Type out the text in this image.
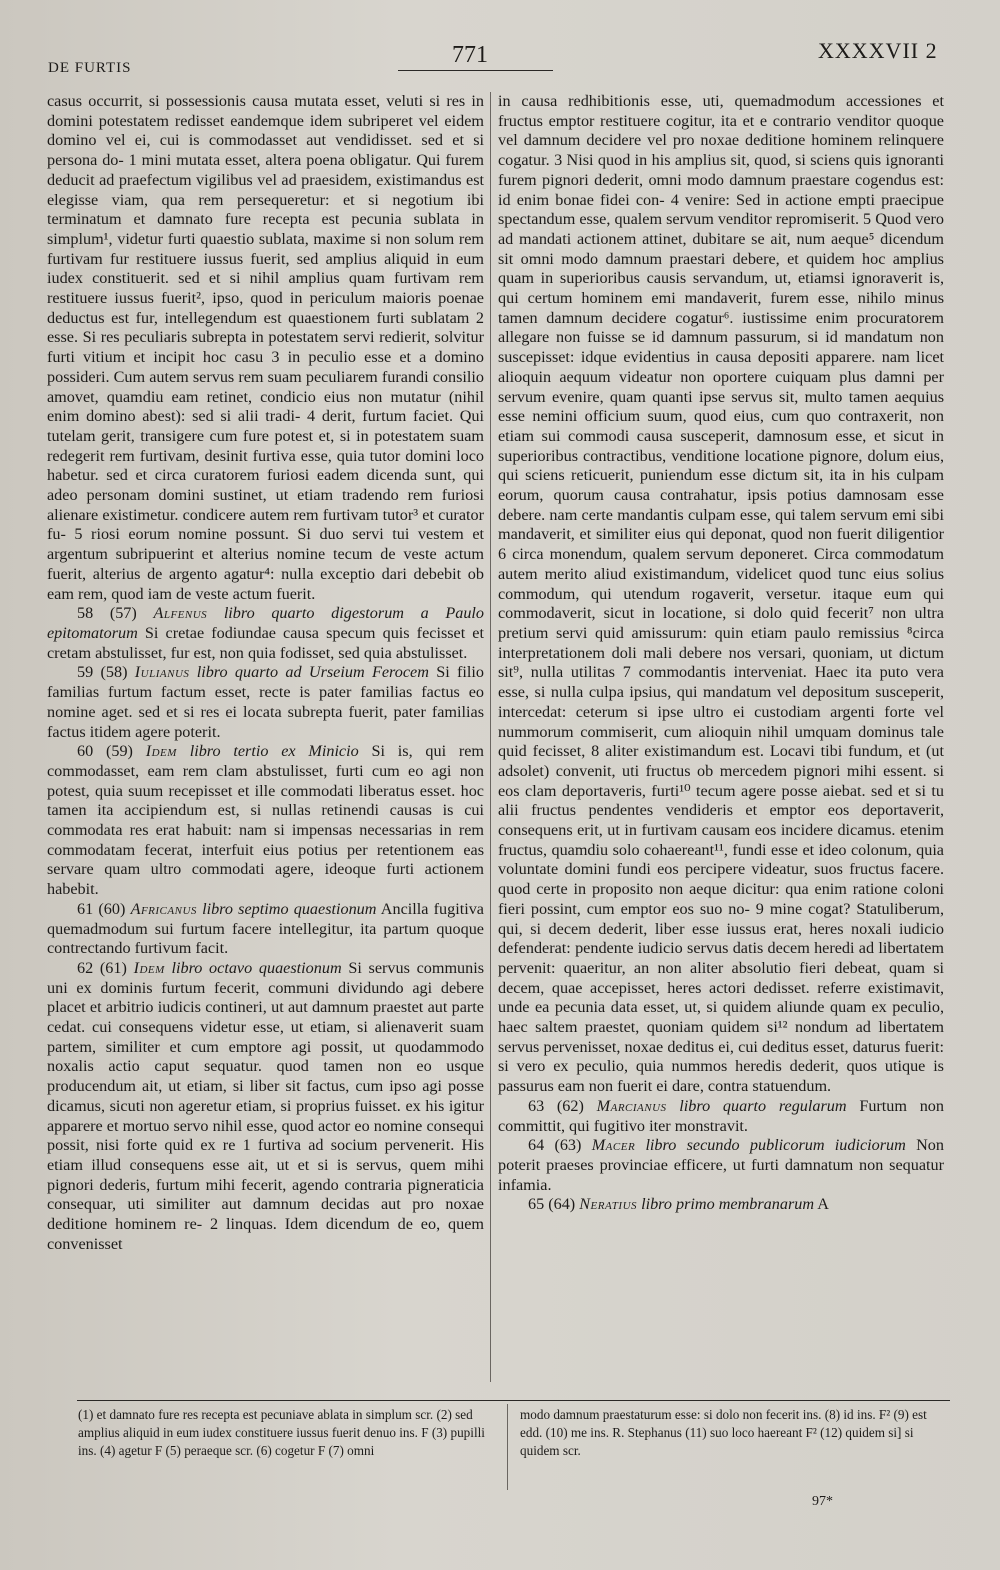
DE FURTIS	771	XXXXVII 2

casus occurrit, si possessionis causa mutata esset, veluti si res in domini potestatem redisset eandemque idem subriperet vel eidem domino vel ei, cui is commodasset aut vendidisset. sed et si persona do- 1 mini mutata esset, altera poena obligatur. Qui furem deducit ad praefectum vigilibus vel ad praesidem, existimandus est elegisse viam, qua rem persequeretur: et si negotium ibi terminatum et damnato fure recepta est pecunia sublata in simplum¹, videtur furti quaestio sublata, maxime si non solum rem furtivam fur restituere iussus fuerit, sed amplius aliquid in eum iudex constituerit. sed et si nihil amplius quam furtivam rem restituere iussus fuerit², ipso, quod in periculum maioris poenae deductus est fur, intellegendum est quaestionem furti sublatam 2 esse. Si res peculiaris subrepta in potestatem servi redierit, solvitur furti vitium et incipit hoc casu 3 in peculio esse et a domino possideri. Cum autem servus rem suam peculiarem furandi consilio amovet, quamdiu eam retinet, condicio eius non mutatur (nihil enim domino abest): sed si alii tradi- 4 derit, furtum faciet. Qui tutelam gerit, transigere cum fure potest et, si in potestatem suam redegerit rem furtivam, desinit furtiva esse, quia tutor domini loco habetur. sed et circa curatorem furiosi eadem dicenda sunt, qui adeo personam domini sustinet, ut etiam tradendo rem furiosi alienare existimetur. condicere autem rem furtivam tutor³ et curator fu- 5 riosi eorum nomine possunt. Si duo servi tui vestem et argentum subripuerint et alterius nomine tecum de veste actum fuerit, alterius de argento agatur⁴: nulla exceptio dari debebit ob eam rem, quod iam de veste actum fuerit.

58 (57) Alfenus libro quarto digestorum a Paulo epitomatorum Si cretae fodiundae causa specum quis fecisset et cretam abstulisset, fur est, non quia fodisset, sed quia abstulisset.

59 (58) Iulianus libro quarto ad Urseium Ferocem Si filio familias furtum factum esset, recte is pater familias factus eo nomine aget. sed et si res ei locata subrepta fuerit, pater familias factus itidem agere poterit.

60 (59) Idem libro tertio ex Minicio Si is, qui rem commodasset, eam rem clam abstulisset, furti cum eo agi non potest, quia suum recepisset et ille commodati liberatus esset. hoc tamen ita accipiendum est, si nullas retinendi causas is cui commodata res erat habuit: nam si impensas necessarias in rem commodatam fecerat, interfuit eius potius per retentionem eas servare quam ultro commodati agere, ideoque furti actionem habebit.

61 (60) Africanus libro septimo quaestionum Ancilla fugitiva quemadmodum sui furtum facere intellegitur, ita partum quoque contrectando furtivum facit.

62 (61) Idem libro octavo quaestionum Si servus communis uni ex dominis furtum fecerit, communi dividundo agi debere placet et arbitrio iudicis contineri, ut aut damnum praestet aut parte cedat. cui consequens videtur esse, ut etiam, si alienaverit suam partem, similiter et cum emptore agi possit, ut quodammodo noxalis actio caput sequatur. quod tamen non eo usque producendum ait, ut etiam, si liber sit factus, cum ipso agi posse dicamus, sicuti non ageretur etiam, si proprius fuisset. ex his igitur apparere et mortuo servo nihil esse, quod actor eo nomine consequi possit, nisi forte quid ex re 1 furtiva ad socium pervenerit. His etiam illud consequens esse ait, ut et si is servus, quem mihi pignori dederis, furtum mihi fecerit, agendo contraria pigneraticia consequar, uti similiter aut damnum decidas aut pro noxae deditione hominem re- 2 linquas. Idem dicendum de eo, quem convenisset

in causa redhibitionis esse, uti, quemadmodum accessiones et fructus emptor restituere cogitur, ita et e contrario venditor quoque vel damnum decidere vel pro noxae deditione hominem relinquere cogatur. 3 Nisi quod in his amplius sit, quod, si sciens quis ignoranti furem pignori dederit, omni modo damnum praestare cogendus est: id enim bonae fidei con- 4 venire: Sed in actione empti praecipue spectandum esse, qualem servum venditor repromiserit. 5 Quod vero ad mandati actionem attinet, dubitare se ait, num aeque⁵ dicendum sit omni modo damnum praestari debere, et quidem hoc amplius quam in superioribus causis servandum, ut, etiamsi ignoraverit is, qui certum hominem emi mandaverit, furem esse, nihilo minus tamen damnum decidere cogatur⁶. iustissime enim procuratorem allegare non fuisse se id damnum passurum, si id mandatum non suscepisset: idque evidentius in causa depositi apparere. nam licet alioquin aequum videatur non oportere cuiquam plus damni per servum evenire, quam quanti ipse servus sit, multo tamen aequius esse nemini officium suum, quod eius, cum quo contraxerit, non etiam sui commodi causa susceperit, damnosum esse, et sicut in superioribus contractibus, venditione locatione pignore, dolum eius, qui sciens reticuerit, puniendum esse dictum sit, ita in his culpam eorum, quorum causa contrahatur, ipsis potius damnosam esse debere. nam certe mandantis culpam esse, qui talem servum emi sibi mandaverit, et similiter eius qui deponat, quod non fuerit diligentior 6 circa monendum, qualem servum deponeret. Circa commodatum autem merito aliud existimandum, videlicet quod tunc eius solius commodum, qui utendum rogaverit, versetur. itaque eum qui commodaverit, sicut in locatione, si dolo quid fecerit⁷ non ultra pretium servi quid amissurum: quin etiam paulo remissius ⁸circa interpretationem doli mali debere nos versari, quoniam, ut dictum sit⁹, nulla utilitas 7 commodantis interveniat. Haec ita puto vera esse, si nulla culpa ipsius, qui mandatum vel depositum susceperit, intercedat: ceterum si ipse ultro ei custodiam argenti forte vel nummorum commiserit, cum alioquin nihil umquam dominus tale quid fecisset, 8 aliter existimandum est. Locavi tibi fundum, et (ut adsolet) convenit, uti fructus ob mercedem pignori mihi essent. si eos clam deportaveris, furti¹⁰ tecum agere posse aiebat. sed et si tu alii fructus pendentes vendideris et emptor eos deportaverit, consequens erit, ut in furtivam causam eos incidere dicamus. etenim fructus, quamdiu solo cohaereant¹¹, fundi esse et ideo colonum, quia voluntate domini fundi eos percipere videatur, suos fructus facere. quod certe in proposito non aeque dicitur: qua enim ratione coloni fieri possint, cum emptor eos suo no- 9 mine cogat? Statuliberum, qui, si decem dederit, liber esse iussus erat, heres noxali iudicio defenderat: pendente iudicio servus datis decem heredi ad libertatem pervenit: quaeritur, an non aliter absolutio fieri debeat, quam si decem, quae accepisset, heres actori dedisset. referre existimavit, unde ea pecunia data esset, ut, si quidem aliunde quam ex peculio, haec saltem praestet, quoniam quidem si¹² nondum ad libertatem servus pervenisset, noxae deditus ei, cui deditus esset, daturus fuerit: si vero ex peculio, quia nummos heredis dederit, quos utique is passurus eam non fuerit ei dare, contra statuendum.

63 (62) Marcianus libro quarto regularum Furtum non committit, qui fugitivo iter monstravit.

64 (63) Macer libro secundo publicorum iudiciorum Non poterit praeses provinciae efficere, ut furti damnatum non sequatur infamia.

65 (64) Neratius libro primo membranarum A

(1) et damnato fure res recepta est pecuniave ablata in simplum scr. (2) sed amplius aliquid in eum iudex constituere iussus fuerit denuo ins. F (3) pupilli ins. (4) agetur F (5) peraeque scr. (6) cogetur F (7) omni
modo damnum praestaturum esse: si dolo non fecerit ins. (8) id ins. F² (9) est edd. (10) me ins. R. Stephanus (11) suo loco haereant F² (12) quidem si] si quidem scr.
97*
